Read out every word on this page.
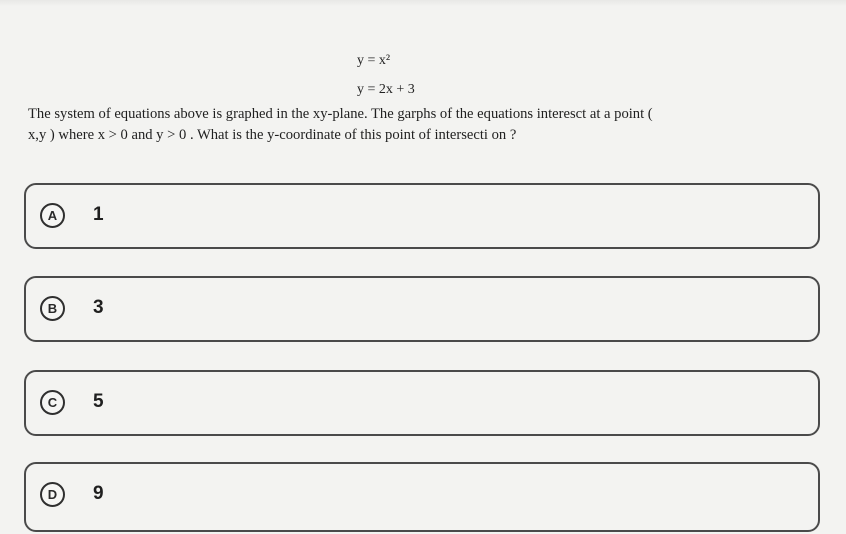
y = x²
y = 2x + 3
The system of equations above is graphed in the xy-plane. The garphs of the equations interesct at a point (
x,y ) where x > 0 and y > 0 . What is the y-coordinate of this point of intersecti on ?
A	1
B	3
C	5
D	9
